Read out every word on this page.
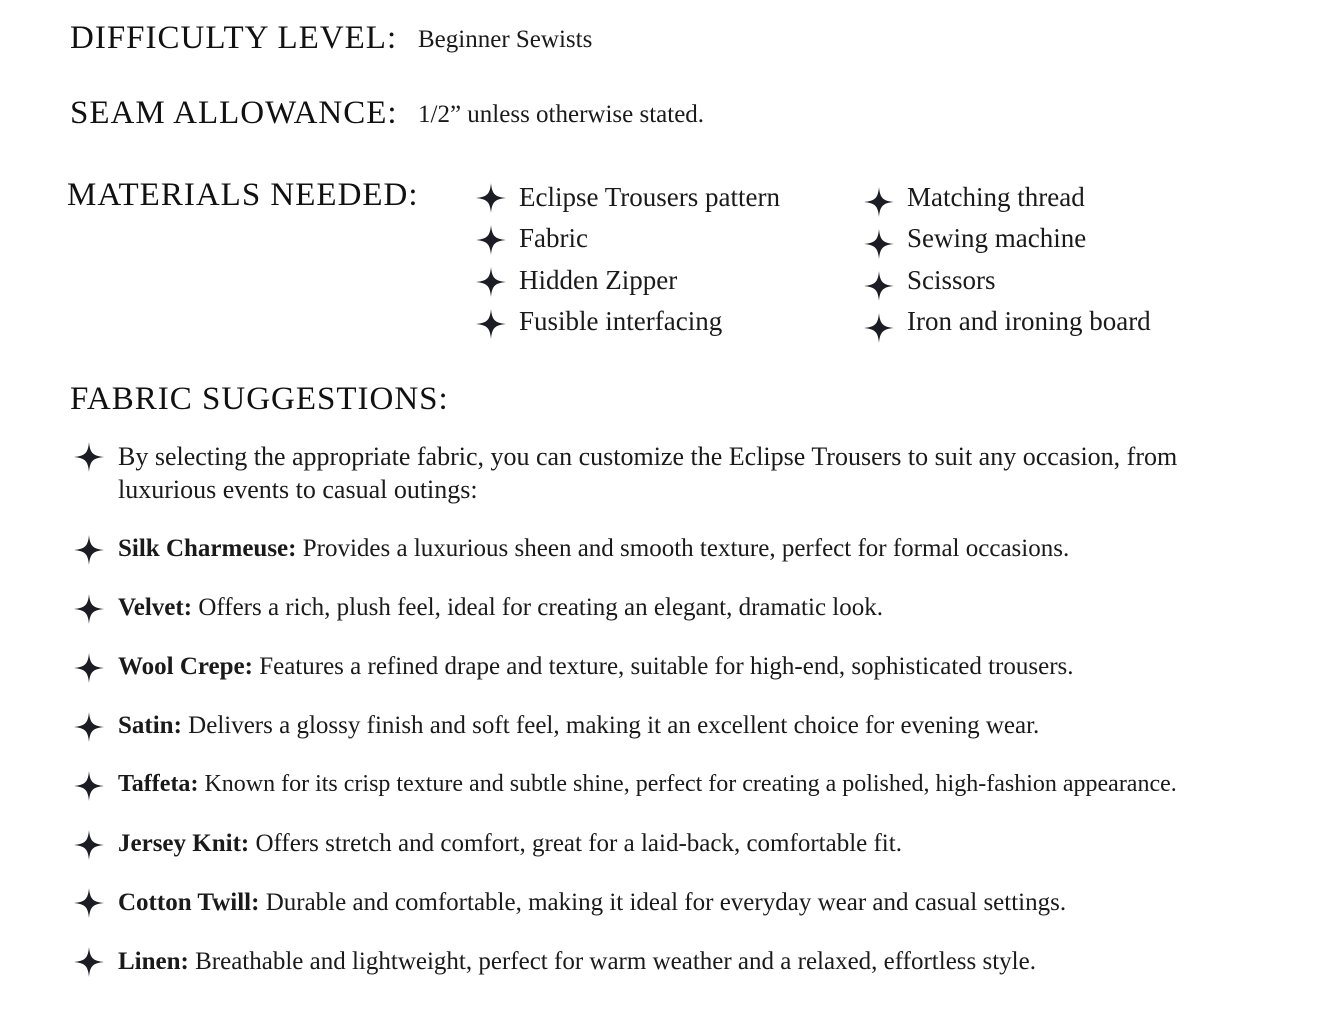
DIFFICULTY LEVEL: Beginner Sewists
SEAM ALLOWANCE: 1/2” unless otherwise stated.
MATERIALS NEEDED:	Eclipse Trousers pattern
Fabric
Hidden Zipper
Fusible interfacing
Matching thread
Sewing machine
Scissors
Iron and ironing board
FABRIC SUGGESTIONS:
By selecting the appropriate fabric, you can customize the Eclipse Trousers to suit any occasion, from luxurious events to casual outings:
Silk Charmeuse: Provides a luxurious sheen and smooth texture, perfect for formal occasions.
Velvet: Offers a rich, plush feel, ideal for creating an elegant, dramatic look.
Wool Crepe: Features a refined drape and texture, suitable for high-end, sophisticated trousers.
Satin: Delivers a glossy finish and soft feel, making it an excellent choice for evening wear.
Taffeta: Known for its crisp texture and subtle shine, perfect for creating a polished, high-fashion appearance.
Jersey Knit: Offers stretch and comfort, great for a laid-back, comfortable fit.
Cotton Twill: Durable and comfortable, making it ideal for everyday wear and casual settings.
Linen: Breathable and lightweight, perfect for warm weather and a relaxed, effortless style.
